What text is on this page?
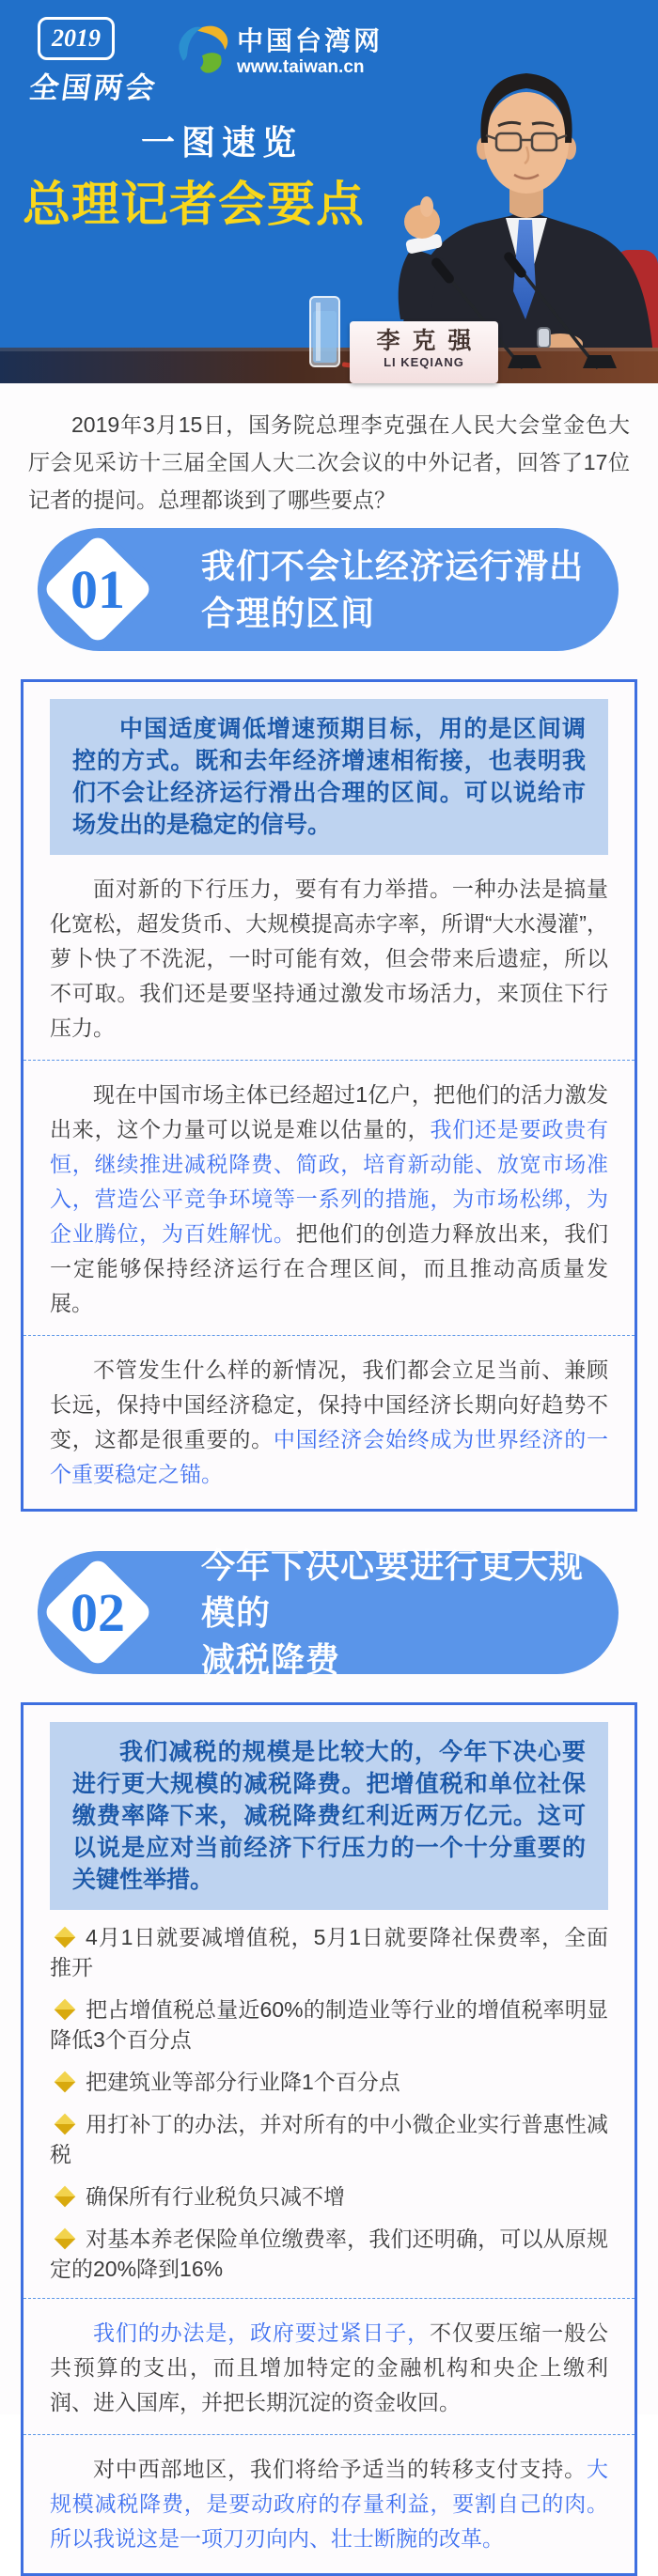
2019
全国两会
中国台湾网
www.taiwan.cn
一图速览
总理记者会要点
李克强
LI KEQIANG

2019年3月15日，国务院总理李克强在人民大会堂金色大厅会见采访十三届全国人大二次会议的中外记者，回答了17位记者的提问。总理都谈到了哪些要点？

01	我们不会让经济运行滑出
合理的区间
中国适度调低增速预期目标，用的是区间调控的方式。既和去年经济增速相衔接，也表明我们不会让经济运行滑出合理的区间。可以说给市场发出的是稳定的信号。

面对新的下行压力，要有有力举措。一种办法是搞量化宽松，超发货币、大规模提高赤字率，所谓“大水漫灌”，萝卜快了不洗泥，一时可能有效，但会带来后遗症，所以不可取。我们还是要坚持通过激发市场活力，来顶住下行压力。

现在中国市场主体已经超过1亿户，把他们的活力激发出来，这个力量可以说是难以估量的，我们还是要政贵有恒，继续推进减税降费、简政，培育新动能、放宽市场准入，营造公平竞争环境等一系列的措施，为市场松绑，为企业腾位，为百姓解忧。把他们的创造力释放出来，我们一定能够保持经济运行在合理区间，而且推动高质量发展。

不管发生什么样的新情况，我们都会立足当前、兼顾长远，保持中国经济稳定，保持中国经济长期向好趋势不变，这都是很重要的。中国经济会始终成为世界经济的一个重要稳定之锚。

02
今年下决心要进行更大规模的
减税降费
我们减税的规模是比较大的，今年下决心要进行更大规模的减税降费。把增值税和单位社保缴费率降下来，减税降费红利近两万亿元。这可以说是应对当前经济下行压力的一个十分重要的关键性举措。

4月1日就要减增值税，5月1日就要降社保费率，全面推开

把占增值税总量近60%的制造业等行业的增值税率明显降低3个百分点

把建筑业等部分行业降1个百分点

用打补丁的办法，并对所有的中小微企业实行普惠性减税

确保所有行业税负只减不增

对基本养老保险单位缴费率，我们还明确，可以从原规定的20%降到16%

我们的办法是，政府要过紧日子，不仅要压缩一般公共预算的支出，而且增加特定的金融机构和央企上缴利润、进入国库，并把长期沉淀的资金收回。

对中西部地区，我们将给予适当的转移支付支持。大规模减税降费，是要动政府的存量利益，要割自己的肉。所以我说这是一项刀刃向内、壮士断腕的改革。
